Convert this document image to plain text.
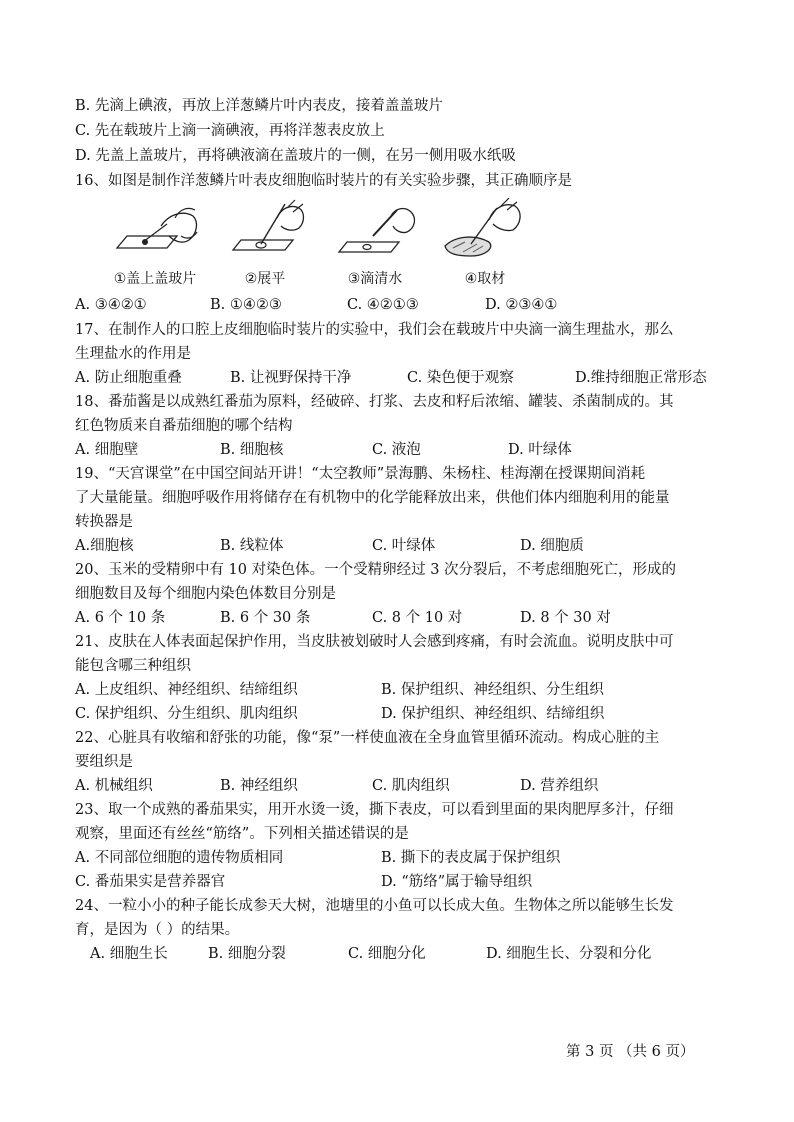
B. 先滴上碘液，再放上洋葱鳞片叶内表皮，接着盖盖玻片
C. 先在载玻片上滴一滴碘液，再将洋葱表皮放上
D. 先盖上盖玻片，再将碘液滴在盖玻片的一侧，在另一侧用吸水纸吸
16、如图是制作洋葱鳞片叶表皮细胞临时装片的有关实验步骤，其正确顺序是
①盖上盖玻片	②展平	③滴清水	④取材
A. ③④②①	B. ①④②③	C. ④②①③	D. ②③④①
17、在制作人的口腔上皮细胞临时装片的实验中，我们会在载玻片中央滴一滴生理盐水，那么
生理盐水的作用是
A. 防止细胞重叠	B. 让视野保持干净	C. 染色便于观察	D.维持细胞正常形态
18、番茄酱是以成熟红番茄为原料，经破碎、打浆、去皮和籽后浓缩、罐装、杀菌制成的。其
红色物质来自番茄细胞的哪个结构
A. 细胞壁	B. 细胞核	C. 液泡	D. 叶绿体
19、“天宫课堂”在中国空间站开讲！“太空教师”景海鹏、朱杨柱、桂海潮在授课期间消耗
了大量能量。细胞呼吸作用将储存在有机物中的化学能释放出来，供他们体内细胞利用的能量
转换器是
A.细胞核	B. 线粒体	C. 叶绿体	D. 细胞质
20、玉米的受精卵中有 10 对染色体。一个受精卵经过 3 次分裂后，不考虑细胞死亡，形成的
细胞数目及每个细胞内染色体数目分别是
A. 6 个 10 条	B. 6 个 30 条	C. 8 个 10 对	D. 8 个 30 对
21、皮肤在人体表面起保护作用，当皮肤被划破时人会感到疼痛，有时会流血。说明皮肤中可
能包含哪三种组织
A. 上皮组织、神经组织、结缔组织	B. 保护组织、神经组织、分生组织
C. 保护组织、分生组织、肌肉组织	D. 保护组织、神经组织、结缔组织
22、心脏具有收缩和舒张的功能，像“泵”一样使血液在全身血管里循环流动。构成心脏的主
要组织是
A. 机械组织	B. 神经组织	C. 肌肉组织	D. 营养组织
23、取一个成熟的番茄果实，用开水烫一烫，撕下表皮，可以看到里面的果肉肥厚多汁，仔细
观察，里面还有丝丝“筋络”。下列相关描述错误的是
A. 不同部位细胞的遗传物质相同	B. 撕下的表皮属于保护组织
C. 番茄果实是营养器官	D. “筋络”属于输导组织
24、一粒小小的种子能长成参天大树，池塘里的小鱼可以长成大鱼。生物体之所以能够生长发
育，是因为（ ）的结果。
A. 细胞生长	B. 细胞分裂	C. 细胞分化	D. 细胞生长、分裂和分化
第 3 页 （共 6 页）
